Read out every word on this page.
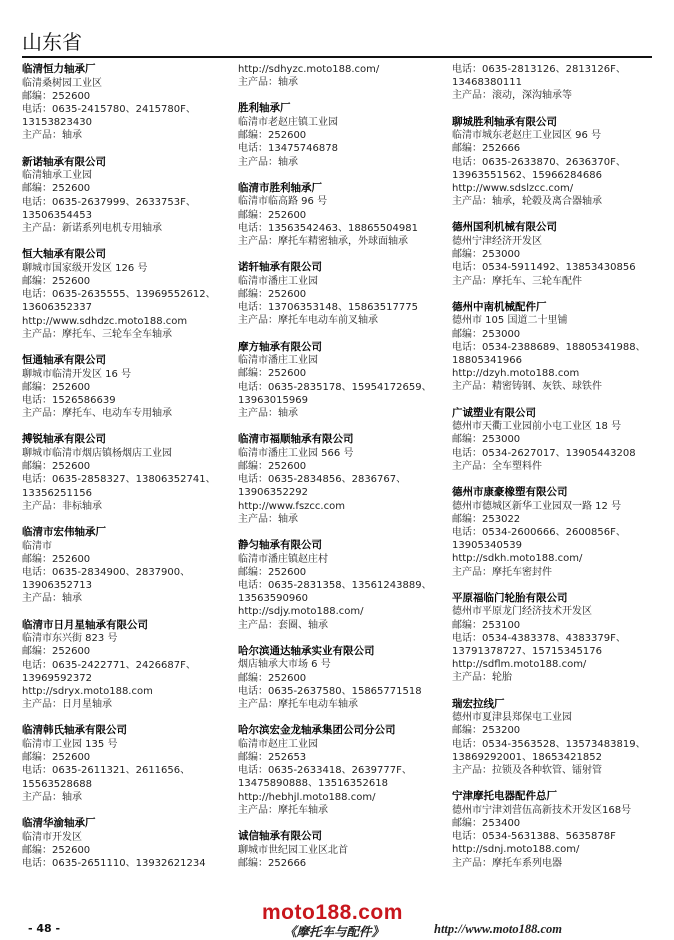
山东省
临清恒力轴承厂
临清桑树园工业区
邮编：252600
电话：0635-2415780、2415780F、
13153823430
主产品：轴承
新诺轴承有限公司
临清轴承工业园
邮编：252600
电话：0635-2637999、2633753F、
13506354453
主产品：新诺系列电机专用轴承
恒大轴承有限公司
聊城市国家级开发区 126 号
邮编：252600
电话：0635-2635555、13969552612、
13606352337
http://www.sdhdzc.moto188.com
主产品：摩托车、三轮车全车轴承
恒通轴承有限公司
聊城市临清开发区 16 号
邮编：252600
电话：1526586639
主产品：摩托车、电动车专用轴承
搏锐轴承有限公司
聊城市临清市烟店镇杨烟店工业园
邮编：252600
电话：0635-2858327、13806352741、
13356251156
主产品：非标轴承
临清市宏伟轴承厂
临清市
邮编：252600
电话：0635-2834900、2837900、
13906352713
主产品：轴承
临清市日月星轴承有限公司
临清市东兴街 823 号
邮编：252600
电话：0635-2422771、2426687F、
13969592372
http://sdryx.moto188.com
主产品：日月星轴承
临清韩氏轴承有限公司
临清市工业园 135 号
邮编：252600
电话：0635-2611321、2611656、
15563528688
主产品：轴承
临清华渝轴承厂
临清市开发区
邮编：252600
电话：0635-2651110、13932621234
http://sdhyzc.moto188.com/
主产品：轴承
胜利轴承厂
临清市老赵庄镇工业园
邮编：252600
电话：13475746878
主产品：轴承
临清市胜利轴承厂
临清市临高路 96 号
邮编：252600
电话：13563542463、18865504981
主产品：摩托车精密轴承，外球面轴承
诺轩轴承有限公司
临清市潘庄工业园
邮编：252600
电话：13706353148、15863517775
主产品：摩托车电动车前叉轴承
摩方轴承有限公司
临清市潘庄工业园
邮编：252600
电话：0635-2835178、15954172659、
13963015969
主产品：轴承
临清市福顺轴承有限公司
临清市潘庄工业园 566 号
邮编：252600
电话：0635-2834856、2836767、
13906352292
http://www.fszcc.com
主产品：轴承
静匀轴承有限公司
临清市潘庄镇赵庄村
邮编：252600
电话：0635-2831358、13561243889、
13563590960
http://sdjy.moto188.com/
主产品：套圈、轴承
哈尔滨通达轴承实业有限公司
烟店轴承大市场 6 号
邮编：252600
电话：0635-2637580、15865771518
主产品：摩托车电动车轴承
哈尔滨宏金龙轴承集团公司分公司
临清市赵庄工业园
邮编：252653
电话：0635-2633418、2639777F、
13475890888、13516352618
http://hebhjl.moto188.com/
主产品：摩托车轴承
诚信轴承有限公司
聊城市世纪园工业区北首
邮编：252666
电话：0635-2813126、2813126F、
13468380111
主产品：滚动，深沟轴承等
聊城胜利轴承有限公司
临清市城东老赵庄工业园区 96 号
邮编：252666
电话：0635-2633870、2636370F、
13963551562、15966284686
http://www.sdslzcc.com/
主产品：轴承，轮毂及离合器轴承
德州国利机械有限公司
德州宁津经济开发区
邮编：253000
电话：0534-5911492、13853430856
主产品：摩托车、三轮车配件
德州中南机械配件厂
德州市 105 国道二十里铺
邮编：253000
电话：0534-2388689、18805341988、
18805341966
http://dzyh.moto188.com
主产品：精密铸钢、灰铁、球铁件
广诚塑业有限公司
德州市天衢工业园前小屯工业区 18 号
邮编：253000
电话：0534-2627017、13905443208
主产品：全车塑料件
德州市康豪橡塑有限公司
德州市德城区新华工业园双一路 12 号
邮编：253022
电话：0534-2600666、2600856F、
13905340539
http://sdkh.moto188.com/
主产品：摩托车密封件
平原福临门轮胎有限公司
德州市平原龙门经济技术开发区
邮编：253100
电话：0534-4383378、4383379F、
13791378727、15715345176
http://sdflm.moto188.com/
主产品：轮胎
瑞宏拉线厂
德州市夏津县郑保屯工业园
邮编：253200
电话：0534-3563528、13573483819、
13869292001、18653421852
主产品：拉锁及各种软管、镭射管
宁津摩托电器配件总厂
德州市宁津刘营伍高新技术开发区168号
邮编：253400
电话：0534-5631388、5635878F
http://sdnj.moto188.com/
主产品：摩托车系列电器
- 48 -
moto188.com
《摩托车与配件》	http://www.moto188.com
